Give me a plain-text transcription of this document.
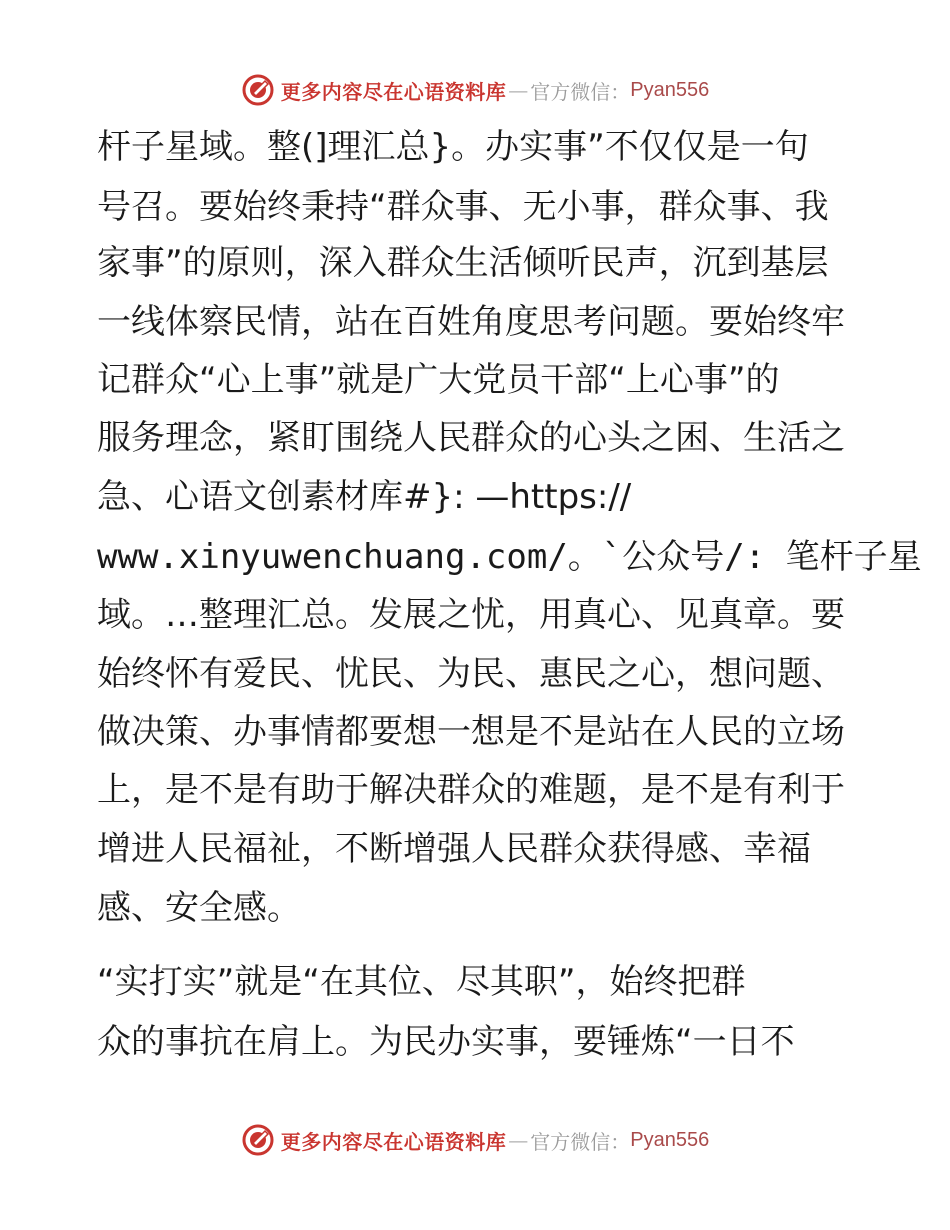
更多内容尽在心语资料库 — 官方微信： Pyan556
杆子星域。整(]理汇总}。办实事”不仅仅是一句
号召。要始终秉持“群众事、无小事，群众事、我
家事”的原则，深入群众生活倾听民声，沉到基层
一线体察民情，站在百姓角度思考问题。要始终牢
记群众“心上事”就是广大党员干部“上心事”的
服务理念，紧盯围绕人民群众的心头之困、生活之
急、心语文创素材库#}: —https://
www.xinyuwenchuang.com/。`公众号/: 笔杆子星
域。…整理汇总。发展之忧，用真心、见真章。要
始终怀有爱民、忧民、为民、惠民之心，想问题、
做决策、办事情都要想一想是不是站在人民的立场
上，是不是有助于解决群众的难题，是不是有利于
增进人民福祉，不断增强人民群众获得感、幸福
感、安全感。
“实打实”就是“在其位、尽其职”，始终把群
众的事抗在肩上。为民办实事，要锤炼“一日不
更多内容尽在心语资料库 — 官方微信： Pyan556
